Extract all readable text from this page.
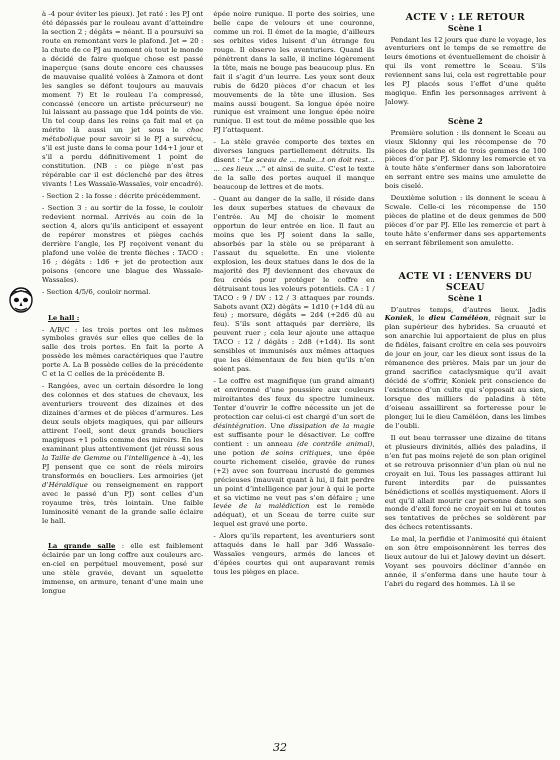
à -4 pour éviter les pieux). Jet raté : les PJ ont été dépassés par le rouleau avant d’atteindre la section 2 ; dégâts = néant. Il a poursuivi sa route en remontant vers le plafond. Jet = 20 : la chute de ce PJ au moment où tout le monde a décidé de faire quelque chose est passé inaperçue (sans doute encore ces chausses de mauvaise qualité volées à Zamora et dont les sangles se défont toujours au mauvais moment ?) Et le rouleau l’a compressé, concassé (encore un artiste précurseur) ne lui laissant au passage que 1d4 points de vie. Un tel coup dans les reins ça fait mal et ça mérite là aussi un jet sous le choc métabolique pour savoir si le PJ a survécu, s’il est juste dans le coma pour 1d4+1 jour et s’il a perdu définitivement 1 point de constitution. (NB : ce piège n’est pas répérable car il est déclenché par des êtres vivants ! Les Wassaïe-Wassaïes, voir encadré).

- Section 2 : la fosse : décrite précédemment.

- Section 3 : au sortir de la fosse, le couloir redevient normal. Arrivés au coin de la section 4, alors qu’ils anticipent et essayent de repérer monstres et pièges cachés derrière l’angle, les PJ reçoivent venant du plafond une volée de trente flèches : TACO : 16 ; dégâts : 1d6 + jet de protection aux poisons (encore une blague des Wassaïe-Wassaïes).

- Section 4/5/6, couloir normal.

Le hall :

- A/B/C : les trois portes ont les mêmes symboles gravés sur elles que celles de la salle des trois portes. En fait la porte A possède les mêmes caractériques que l’autre porte A. La B possède celles de la précédente C et la C celles de la précédente B.

- Rangées, avec un certain désordre le long des colonnes et des statues de chevaux, les aventuriers trouvent des dizaines et des dizaines d’armes et de pièces d’armures. Les deux seuls objets magiques, qui par ailleurs attirent l’oeil, sont deux grands boucliers magiques +1 polis comme des miroirs. En les examinant plus attentivement (jet réussi sous la Taille de Gemme ou l’intelligence à -4), les PJ pensent que ce sont de réels miroirs transformés en boucliers. Les armoiries (jet d’Héraldique ou renseignement en rapport avec le passé d’un PJ) sont celles d’un royaume très, très lointain. Une faible luminosité venant de la grande salle éclaire le hall.

La grande salle : elle est faiblement éclairée par un long coffre aux couleurs arc-en-ciel en perpétuel mouvement, posé sur une stèle gravée, devant un squelette immense, en armure, tenant d’une main une longue

épée noire runique. Il porte des soiries, une belle cape de velours et une couronne, comme un roi. Il émet de la magie, d’ailleurs ses orbites vides luisent d’un étrange feu rouge. Il observe les aventuriers. Quand ils pénètrent dans la salle, il incline légèrement la tête, mais ne bouge pas beaucoup plus. En fait il s’agit d’un leurre. Les yeux sont deux rubis de 6d20 pièces d’or chacun et les mouvements de la tête une illusion. Ses mains aussi bougent. Sa longue épée noire runique est vraiment une longue épée noire runique. Il est tout de même possible que les PJ l’attaquent.

- La stèle gravée comporte des textes en diverses langues partiellement détruits. Ils disent : "Le sceau de ... male...t on doit rest... ... ces lieux ..." et ainsi de suite. C’est le texte de la salle des portes auquel il manque beaucoup de lettres et de mots.

- Quant au danger de la salle, il réside dans les deux superbes statues de chevaux de l’entrée. Au MJ de choisir le moment opportun de leur entrée en lice. Il faut au moins que les PJ soient dans la salle, absorbés par la stèle ou se préparant à l’assaut du squelette. En une violente explosion, les deux statues dans le dos de la majorité des PJ deviennent des chevaux de feu créés pour protéger le coffre en détruisant tous les voleurs potentiels. CA : 1 / TACO : 9 / DV : 12 / 3 attaques par rounds. Sabots avant (X2) dégâts = 1d10 (+1d4 dû au feu) ; morsure, dégâts = 2d4 (+2d6 dû au feu). S’ils sont attaqués par derrière, ils peuvent ruer ; cela leur ajoute une attaque TACO : 12 / dégâts : 2d8 (+1d4). Ils sont sensibles et immunisés aux mêmes attaques que les élémentaux de feu bien qu’ils n’en soient pas.

- Le coffre est magnifique (un grand aimant) et environné d’une poussière aux couleurs miroitantes des feux du spectre lumineux. Tenter d’ouvrir le coffre nécessite un jet de protection car celui-ci est chargé d’un sort de désintégration. Une dissipation de la magie est suffisante pour le désactiver. Le coffre contient : un anneau (de contrôle animal), une potion de soins critiques, une épée courte richement ciselée, gravée de runes (+2) avec son fourreau incrusté de gemmes précieuses (mauvait quant à lui, il fait perdre un point d’intelligence par jour à qui le porte et sa victime ne veut pas s’en défaire ; une levée de la malédiction est le remède adéquat), et un Sceau de terre cuite sur lequel est gravé une porte.

- Alors qu’ils repartent, les aventuriers sont attaqués dans le hall par 3d6 Wassaïe-Wassaïes vengeurs, armés de lances et d’épées courtes qui ont auparavant remis tous les pièges en place.

ACTE V : LE RETOUR
Scène 1

Pendant les 12 jours que dure le voyage, les aventuriers ont le temps de se remettre de leurs émotions et éventuellement de choisir à qui ils vont remettre le Sceau. S’ils reviennent sans lui, cela est regrettable pour les PJ placés sous l’effet d’une quête magique. Enfin les personnages arrivent à Jalowy.

Scène 2

Première solution : ils donnent le Sceau au vieux Sklonny qui les récompense de 70 pièces de platine et de trois gemmes de 100 pièces d’or par PJ. Sklonny les remercie et va à toute hâte s’enfermer dans son laboratoire en serrant entre ses mains une amulette de bois ciselé.

Deuxième solution : ils donnent le sceau à Scwale. Celle-ci les récompense de 150 pièces de platine et de deux gemmes de 500 pièces d’or par PJ. Elle les remercie et part à toute hâte s’enfermer dans ses appartements en serrant fébrilement son amulette.

ACTE VI : L’ENVERS DU SCEAU
Scène 1

D’autres temps, d’autres lieux. Jadis Koniek, le dieu Caméléon, régnait sur le plan supérieur des hybrides. Sa cruauté et son anarchie lui apportaient de plus en plus de fidèles, faisant croître en cela ses pouvoirs de jour en jour, car les dieux sont issus de la rémanence des prières. Mais par un jour de grand sacrifice cataclysmique qu’il avait décidé de s’offrir, Koniek prit conscience de l’existence d’un culte qui s’opposait au sien, lorsque des milliers de paladins à tête d’oiseau assaillirent sa forteresse pour le plonger, lui le dieu Caméléon, dans les limbes de l’oubli.

Il eut beau terrasser une dizaine de titans et plusieurs divinités, alliés des paladins, il n’en fut pas moins rejeté de son plan originel et se retrouva prisonnier d’un plan où nul ne croyait en lui. Tous les passages attirant lui furent interdits par de puissantes bénédictions et scellés mystiquement. Alors il eut qu’il allait mourir car personne dans son monde d’exil forcé ne croyait en lui et toutes ses tentatives de prêches se soldèrent par des échecs retentissants.

Le mal, la perfidie et l’animosité qui étaient en son être empoisonnèrent les terres des lieux autour de lui et Jalowy devint un désert. Voyant ses pouvoirs décliner d’année en année, il s’enferma dans une haute tour à l’abri du regard des hommes. Là il se

32
